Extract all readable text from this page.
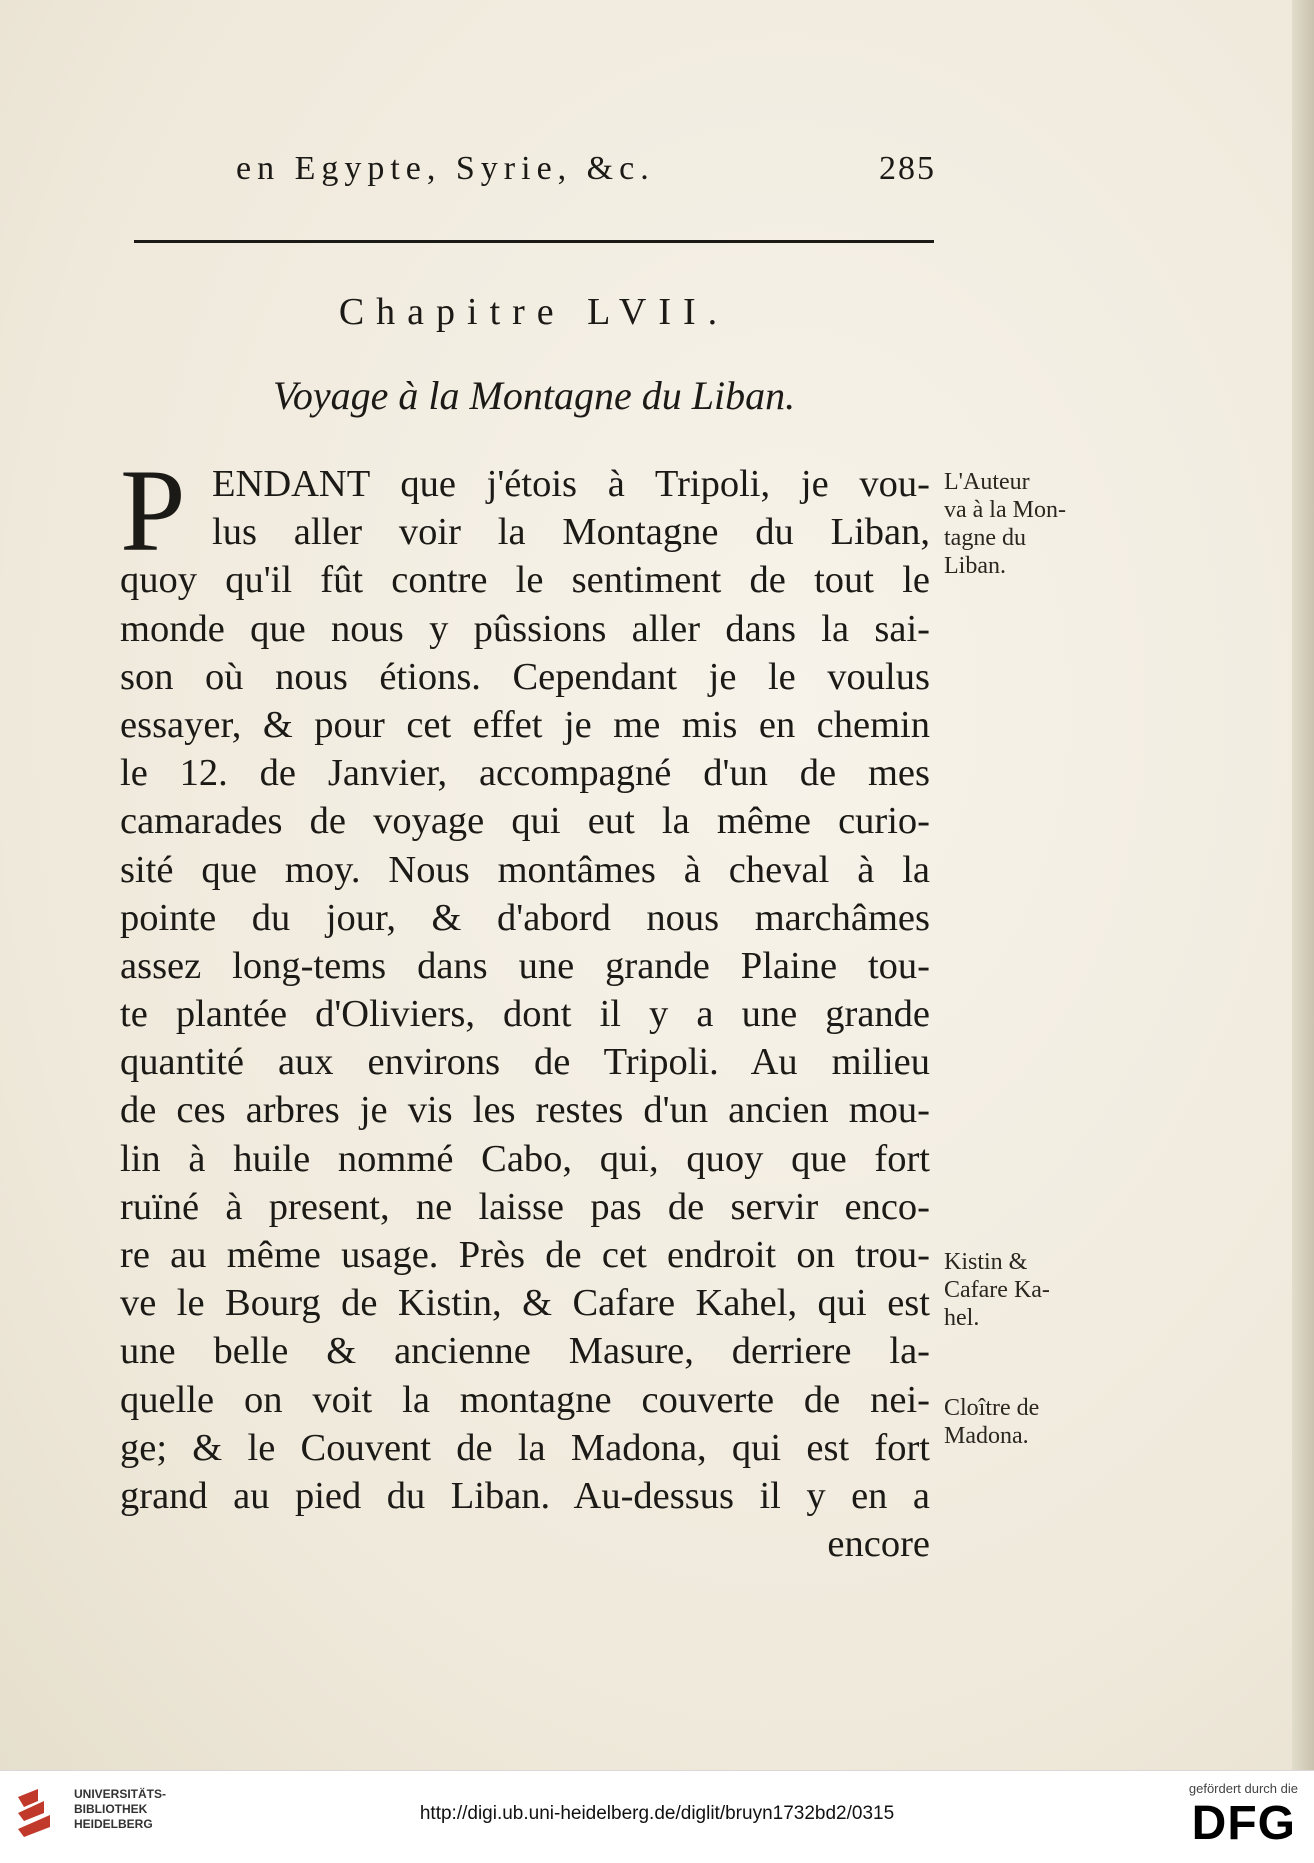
en Egypte, Syrie, &c.	285
Chapitre LVII.
Voyage à la Montagne du Liban.
P ENDANT que j'étois à Tripoli, je vou-
lus aller voir la Montagne du Liban,
quoy qu'il fût contre le sentiment de tout le
monde que nous y pûssions aller dans la sai-
son où nous étions. Cependant je le voulus
essayer, & pour cet effet je me mis en chemin
le 12. de Janvier, accompagné d'un de mes
camarades de voyage qui eut la même curio-
sité que moy. Nous montâmes à cheval à la
pointe du jour, & d'abord nous marchâmes
assez long-tems dans une grande Plaine tou-
te plantée d'Oliviers, dont il y a une grande
quantité aux environs de Tripoli. Au milieu
de ces arbres je vis les restes d'un ancien mou-
lin à huile nommé Cabo, qui, quoy que fort
ruïné à present, ne laisse pas de servir enco-
re au même usage. Près de cet endroit on trou-
ve le Bourg de Kistin, & Cafare Kahel, qui est
une belle & ancienne Masure, derriere la-
quelle on voit la montagne couverte de nei-
ge; & le Couvent de la Madona, qui est fort
grand au pied du Liban. Au-dessus il y en a
encore
L'Auteur
va à la Mon-
tagne du
Liban.
Kistin &
Cafare Ka-
hel.
Cloître de
Madona.
UNIVERSITÄTS-
BIBLIOTHEK
HEIDELBERG	http://digi.ub.uni-heidelberg.de/diglit/bruyn1732bd2/0315
gefördert durch die
DFG
